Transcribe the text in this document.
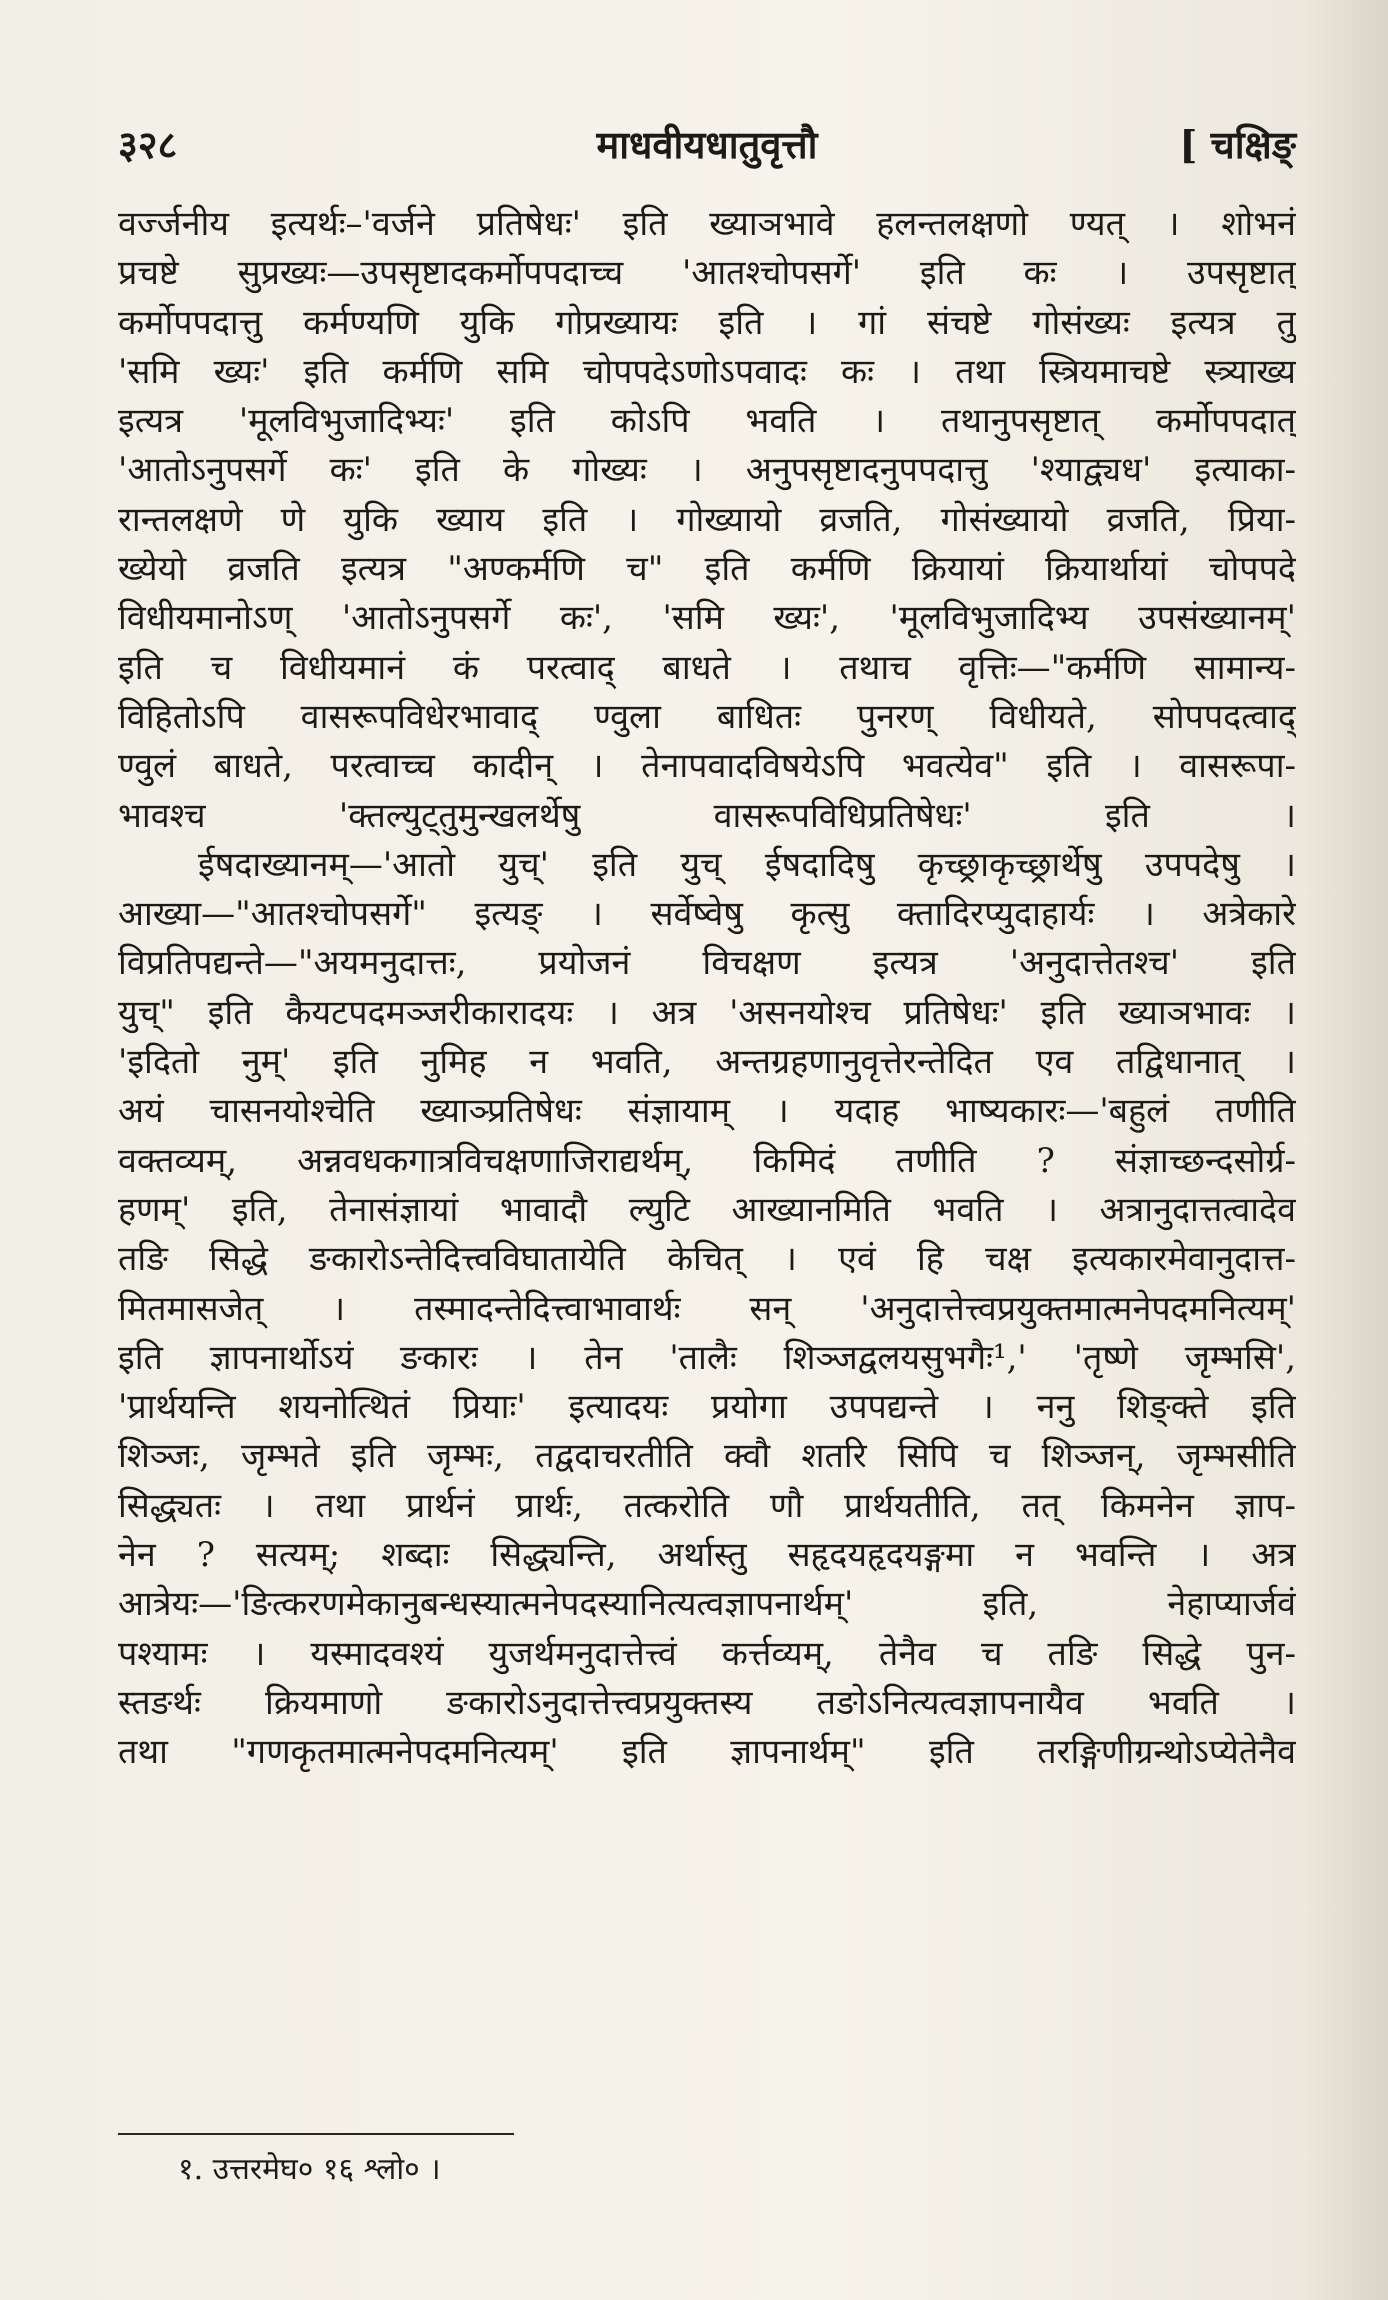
३२८	माधवीयधातुवृत्तौ	[ चक्षिङ्
वर्ज्जनीय इत्यर्थः–'वर्जने प्रतिषेधः' इति ख्याञभावे हलन्तलक्षणो ण्यत् । शोभनं
प्रचष्टे सुप्रख्यः—उपसृष्टादकर्मोपपदाच्च 'आतश्चोपसर्गे' इति कः । उपसृष्टात्
कर्मोपपदात्तु कर्मण्यणि युकि गोप्रख्यायः इति । गां संचष्टे गोसंख्यः इत्यत्र तु
'समि ख्यः' इति कर्मणि समि चोपपदेऽणोऽपवादः कः । तथा स्त्रियमाचष्टे स्त्र्याख्य
इत्यत्र 'मूलविभुजादिभ्यः' इति कोऽपि भवति । तथानुपसृष्टात् कर्मोपपदात्
'आतोऽनुपसर्गे कः' इति के गोख्यः । अनुपसृष्टादनुपपदात्तु 'श्याद्व्यध' इत्याका-
रान्तलक्षणे णे युकि ख्याय इति । गोख्यायो व्रजति, गोसंख्यायो व्रजति, प्रिया-
ख्येयो व्रजति इत्यत्र "अण्कर्मणि च" इति कर्मणि क्रियायां क्रियार्थायां चोपपदे
विधीयमानोऽण् 'आतोऽनुपसर्गे कः', 'समि ख्यः', 'मूलविभुजादिभ्य उपसंख्यानम्'
इति च विधीयमानं कं परत्वाद् बाधते । तथाच वृत्तिः—"कर्मणि सामान्य-
विहितोऽपि वासरूपविधेरभावाद् ण्वुला बाधितः पुनरण् विधीयते, सोपपदत्वाद्
ण्वुलं बाधते, परत्वाच्च कादीन् । तेनापवादविषयेऽपि भवत्येव" इति । वासरूपा-
भावश्च 'क्तल्युट्तुमुन्खलर्थेषु वासरूपविधिप्रतिषेधः' इति ।
ईषदाख्यानम्—'आतो युच्' इति युच् ईषदादिषु कृच्छ्राकृच्छ्रार्थेषु उपपदेषु ।
आख्या—"आतश्चोपसर्गे" इत्यङ् । सर्वेष्वेषु कृत्सु क्तादिरप्युदाहार्यः । अत्रेकारे
विप्रतिपद्यन्ते—"अयमनुदात्तः, प्रयोजनं विचक्षण इत्यत्र 'अनुदात्तेतश्च' इति
युच्" इति कैयटपदमञ्जरीकारादयः । अत्र 'असनयोश्च प्रतिषेधः' इति ख्याञभावः ।
'इदितो नुम्' इति नुमिह न भवति, अन्तग्रहणानुवृत्तेरन्तेदित एव तद्विधानात् ।
अयं चासनयोश्चेति ख्याञ्प्रतिषेधः संज्ञायाम् । यदाह भाष्यकारः—'बहुलं तणीति
वक्तव्यम्, अन्नवधकगात्रविचक्षणाजिराद्यर्थम्, किमिदं तणीति ? संज्ञाच्छन्दसोर्ग्र-
हणम्' इति, तेनासंज्ञायां भावादौ ल्युटि आख्यानमिति भवति । अत्रानुदात्तत्वादेव
तङि सिद्धे ङकारोऽन्तेदित्त्वविघातायेति केचित् । एवं हि चक्ष इत्यकारमेवानुदात्त-
मितमासजेत् । तस्मादन्तेदित्त्वाभावार्थः सन् 'अनुदात्तेत्त्वप्रयुक्तमात्मनेपदमनित्यम्'
इति ज्ञापनार्थोऽयं ङकारः । तेन 'तालैः शिञ्जद्वलयसुभगैः¹,' 'तृष्णे जृम्भसि',
'प्रार्थयन्ति शयनोत्थितं प्रियाः' इत्यादयः प्रयोगा उपपद्यन्ते । ननु शिङ्क्ते इति
शिञ्जः, जृम्भते इति जृम्भः, तद्वदाचरतीति क्वौ शतरि सिपि च शिञ्जन्, जृम्भसीति
सिद्ध्यतः । तथा प्रार्थनं प्रार्थः, तत्करोति णौ प्रार्थयतीति, तत् किमनेन ज्ञाप-
नेन ? सत्यम्; शब्दाः सिद्ध्यन्ति, अर्थास्तु सहृदयहृदयङ्गमा न भवन्ति । अत्र
आत्रेयः—'ङित्करणमेकानुबन्धस्यात्मनेपदस्यानित्यत्वज्ञापनार्थम्' इति, नेहाप्यार्जवं
पश्यामः । यस्मादवश्यं युजर्थमनुदात्तेत्त्वं कर्त्तव्यम्, तेनैव च तङि सिद्धे पुन-
स्तङर्थः क्रियमाणो ङकारोऽनुदात्तेत्त्वप्रयुक्तस्य तङोऽनित्यत्वज्ञापनायैव भवति ।
तथा "गणकृतमात्मनेपदमनित्यम्' इति ज्ञापनार्थम्" इति तरङ्गिणीग्रन्थोऽप्येतेनैव
१. उत्तरमेघ० १६ श्लो० ।
